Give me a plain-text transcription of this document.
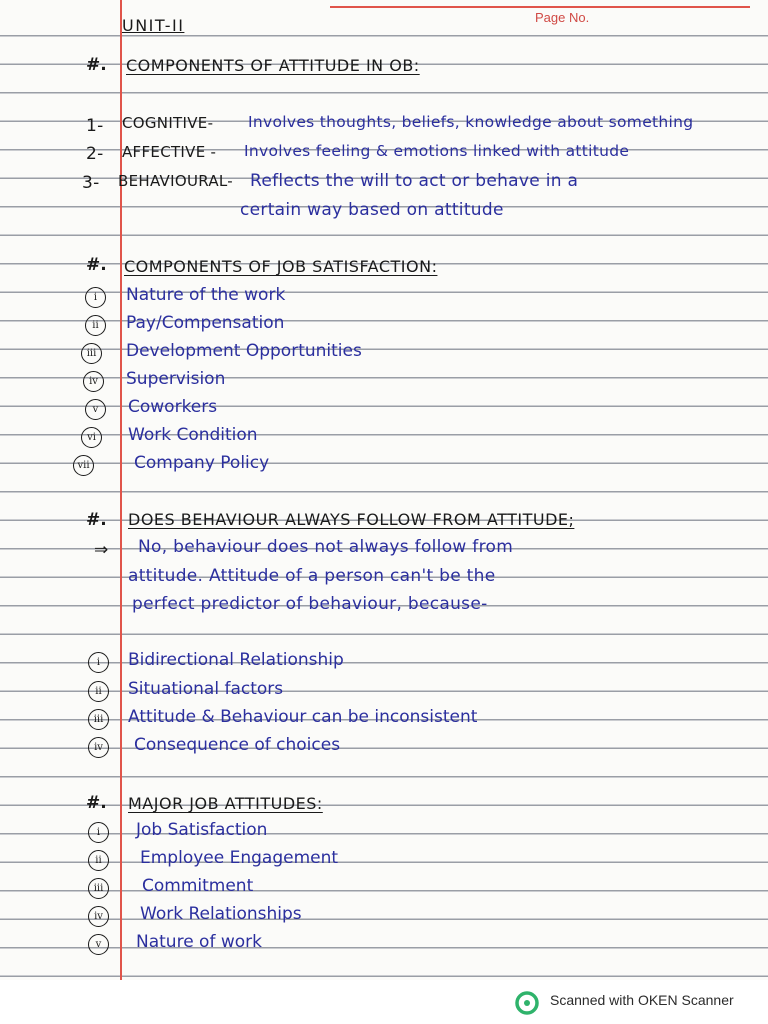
Page No.
UNIT-II
#. COMPONENTS OF ATTITUDE IN OB:
1- COGNITIVE- Involves thoughts, beliefs, knowledge about something
2- AFFECTIVE - Involves feeling & emotions linked with attitude
3- BEHAVIOURAL- Reflects the will to act or behave in a
certain way based on attitude
#. COMPONENTS OF JOB SATISFACTION:
i	Nature of the work
ii	Pay/Compensation
iii	Development Opportunities
iv	Supervision
v	Coworkers
vi	Work Condition
vii	Company Policy
#. DOES BEHAVIOUR ALWAYS FOLLOW FROM ATTITUDE;
⇒ No, behaviour does not always follow from
attitude. Attitude of a person can't be the
perfect predictor of behaviour, because-
i	Bidirectional Relationship
ii	Situational factors
iii	Attitude & Behaviour can be inconsistent
iv	Consequence of choices
#. MAJOR JOB ATTITUDES:
i	Job Satisfaction
ii	Employee Engagement
iii	Commitment
iv	Work Relationships
v	Nature of work
Scanned with OKEN Scanner
